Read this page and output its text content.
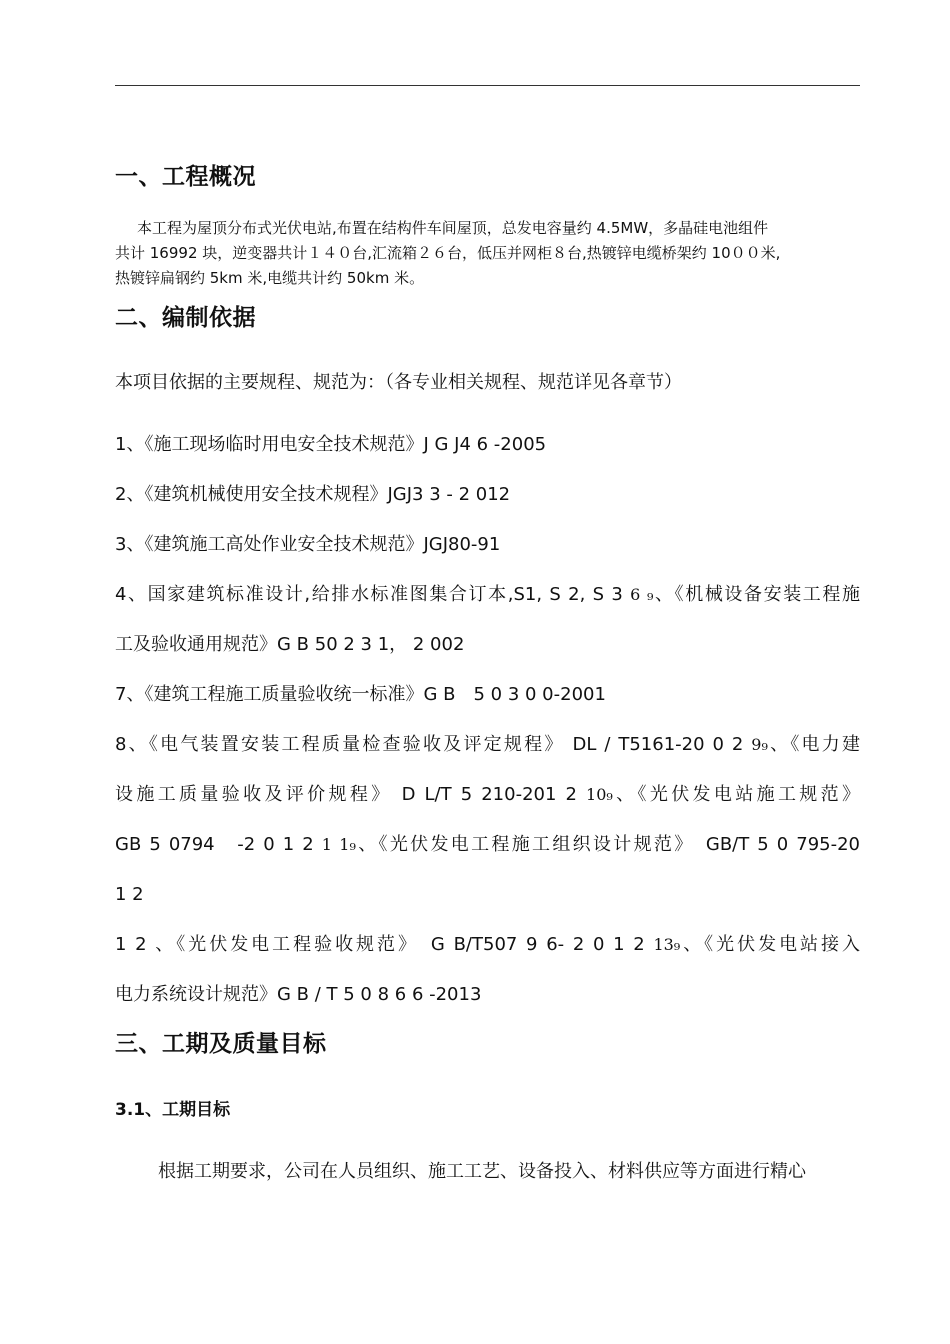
一、工程概况
本工程为屋顶分布式光伏电站,布置在结构件车间屋顶，总发电容量约 4.5MW，多晶硅电池组件
共计 16992 块，逆变器共计１４０台,汇流箱２６台，低压并网柜８台,热镀锌电缆桥架约 10００米,
热镀锌扁钢约 5km 米,电缆共计约 50km 米。
二、编制依据
本项目依据的主要规程、规范为：（各专业相关规程、规范详见各章节）
1、《施工现场临时用电安全技术规范》J G J4 6 -2005
2、《建筑机械使用安全技术规程》JGJ3 3 - 2 012
3、《建筑施工高处作业安全技术规范》JGJ80-91
4、国家建筑标准设计,给排水标准图集合订本,S1, S 2, S 3 6 ₉、《机械设备安装工程施
工及验收通用规范》G B 50 2 3 1， 2 002
7、《建筑工程施工质量验收统一标准》G B　5 0 3 0 0-2001
8、《电气装置安装工程质量检查验收及评定规程》 DL / T5161-20 0 2 9₉、《电力建
设施工质量验收及评价规程》 D L/T 5 210-201 2 10₉、《光伏发电站施工规范》
GB 5 0794　-2 0 1 2 1 1₉、《光伏发电工程施工组织设计规范》　GB/T 5 0 795-20
1 2
1 2 、《光伏发电工程验收规范》　G B/T507 9 6- 2 0 1 2 13₉、《光伏发电站接入
电力系统设计规范》G B / T 5 0 8 6 6 -2013
三、工期及质量目标
3.1、工期目标
根据工期要求，公司在人员组织、施工工艺、设备投入、材料供应等方面进行精心
